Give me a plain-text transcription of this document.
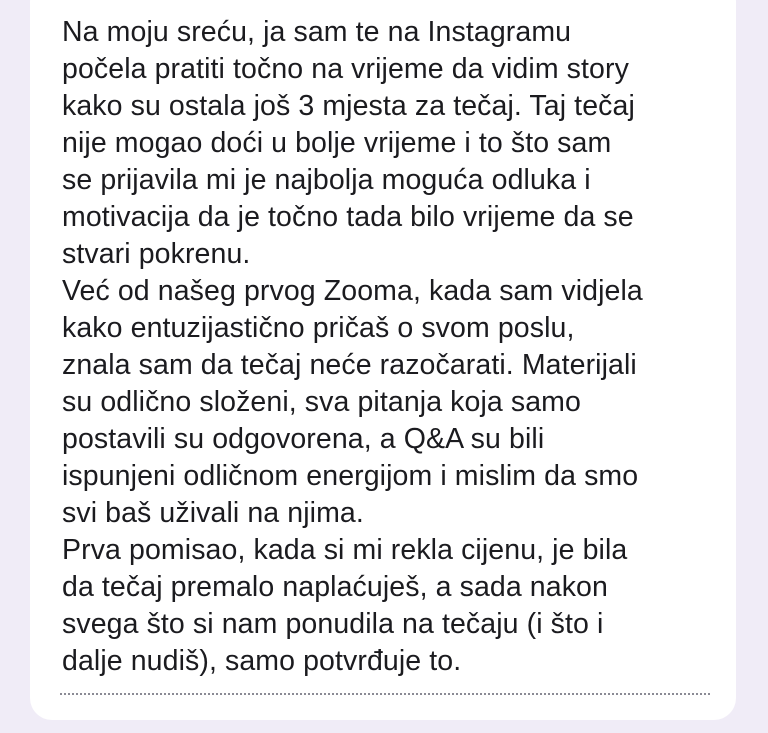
Na moju sreću, ja sam te na Instagramu
počela pratiti točno na vrijeme da vidim story
kako su ostala još 3 mjesta za tečaj. Taj tečaj
nije mogao doći u bolje vrijeme i to što sam
se prijavila mi je najbolja moguća odluka i
motivacija da je točno tada bilo vrijeme da se
stvari pokrenu.

Već od našeg prvog Zooma, kada sam vidjela
kako entuzijastično pričaš o svom poslu,
znala sam da tečaj neće razočarati. Materijali
su odlično složeni, sva pitanja koja samo
postavili su odgovorena, a Q&A su bili
ispunjeni odličnom energijom i mislim da smo
svi baš uživali na njima.

Prva pomisao, kada si mi rekla cijenu, je bila
da tečaj premalo naplaćuješ, a sada nakon
svega što si nam ponudila na tečaju (i što i
dalje nudiš), samo potvrđuje to.
